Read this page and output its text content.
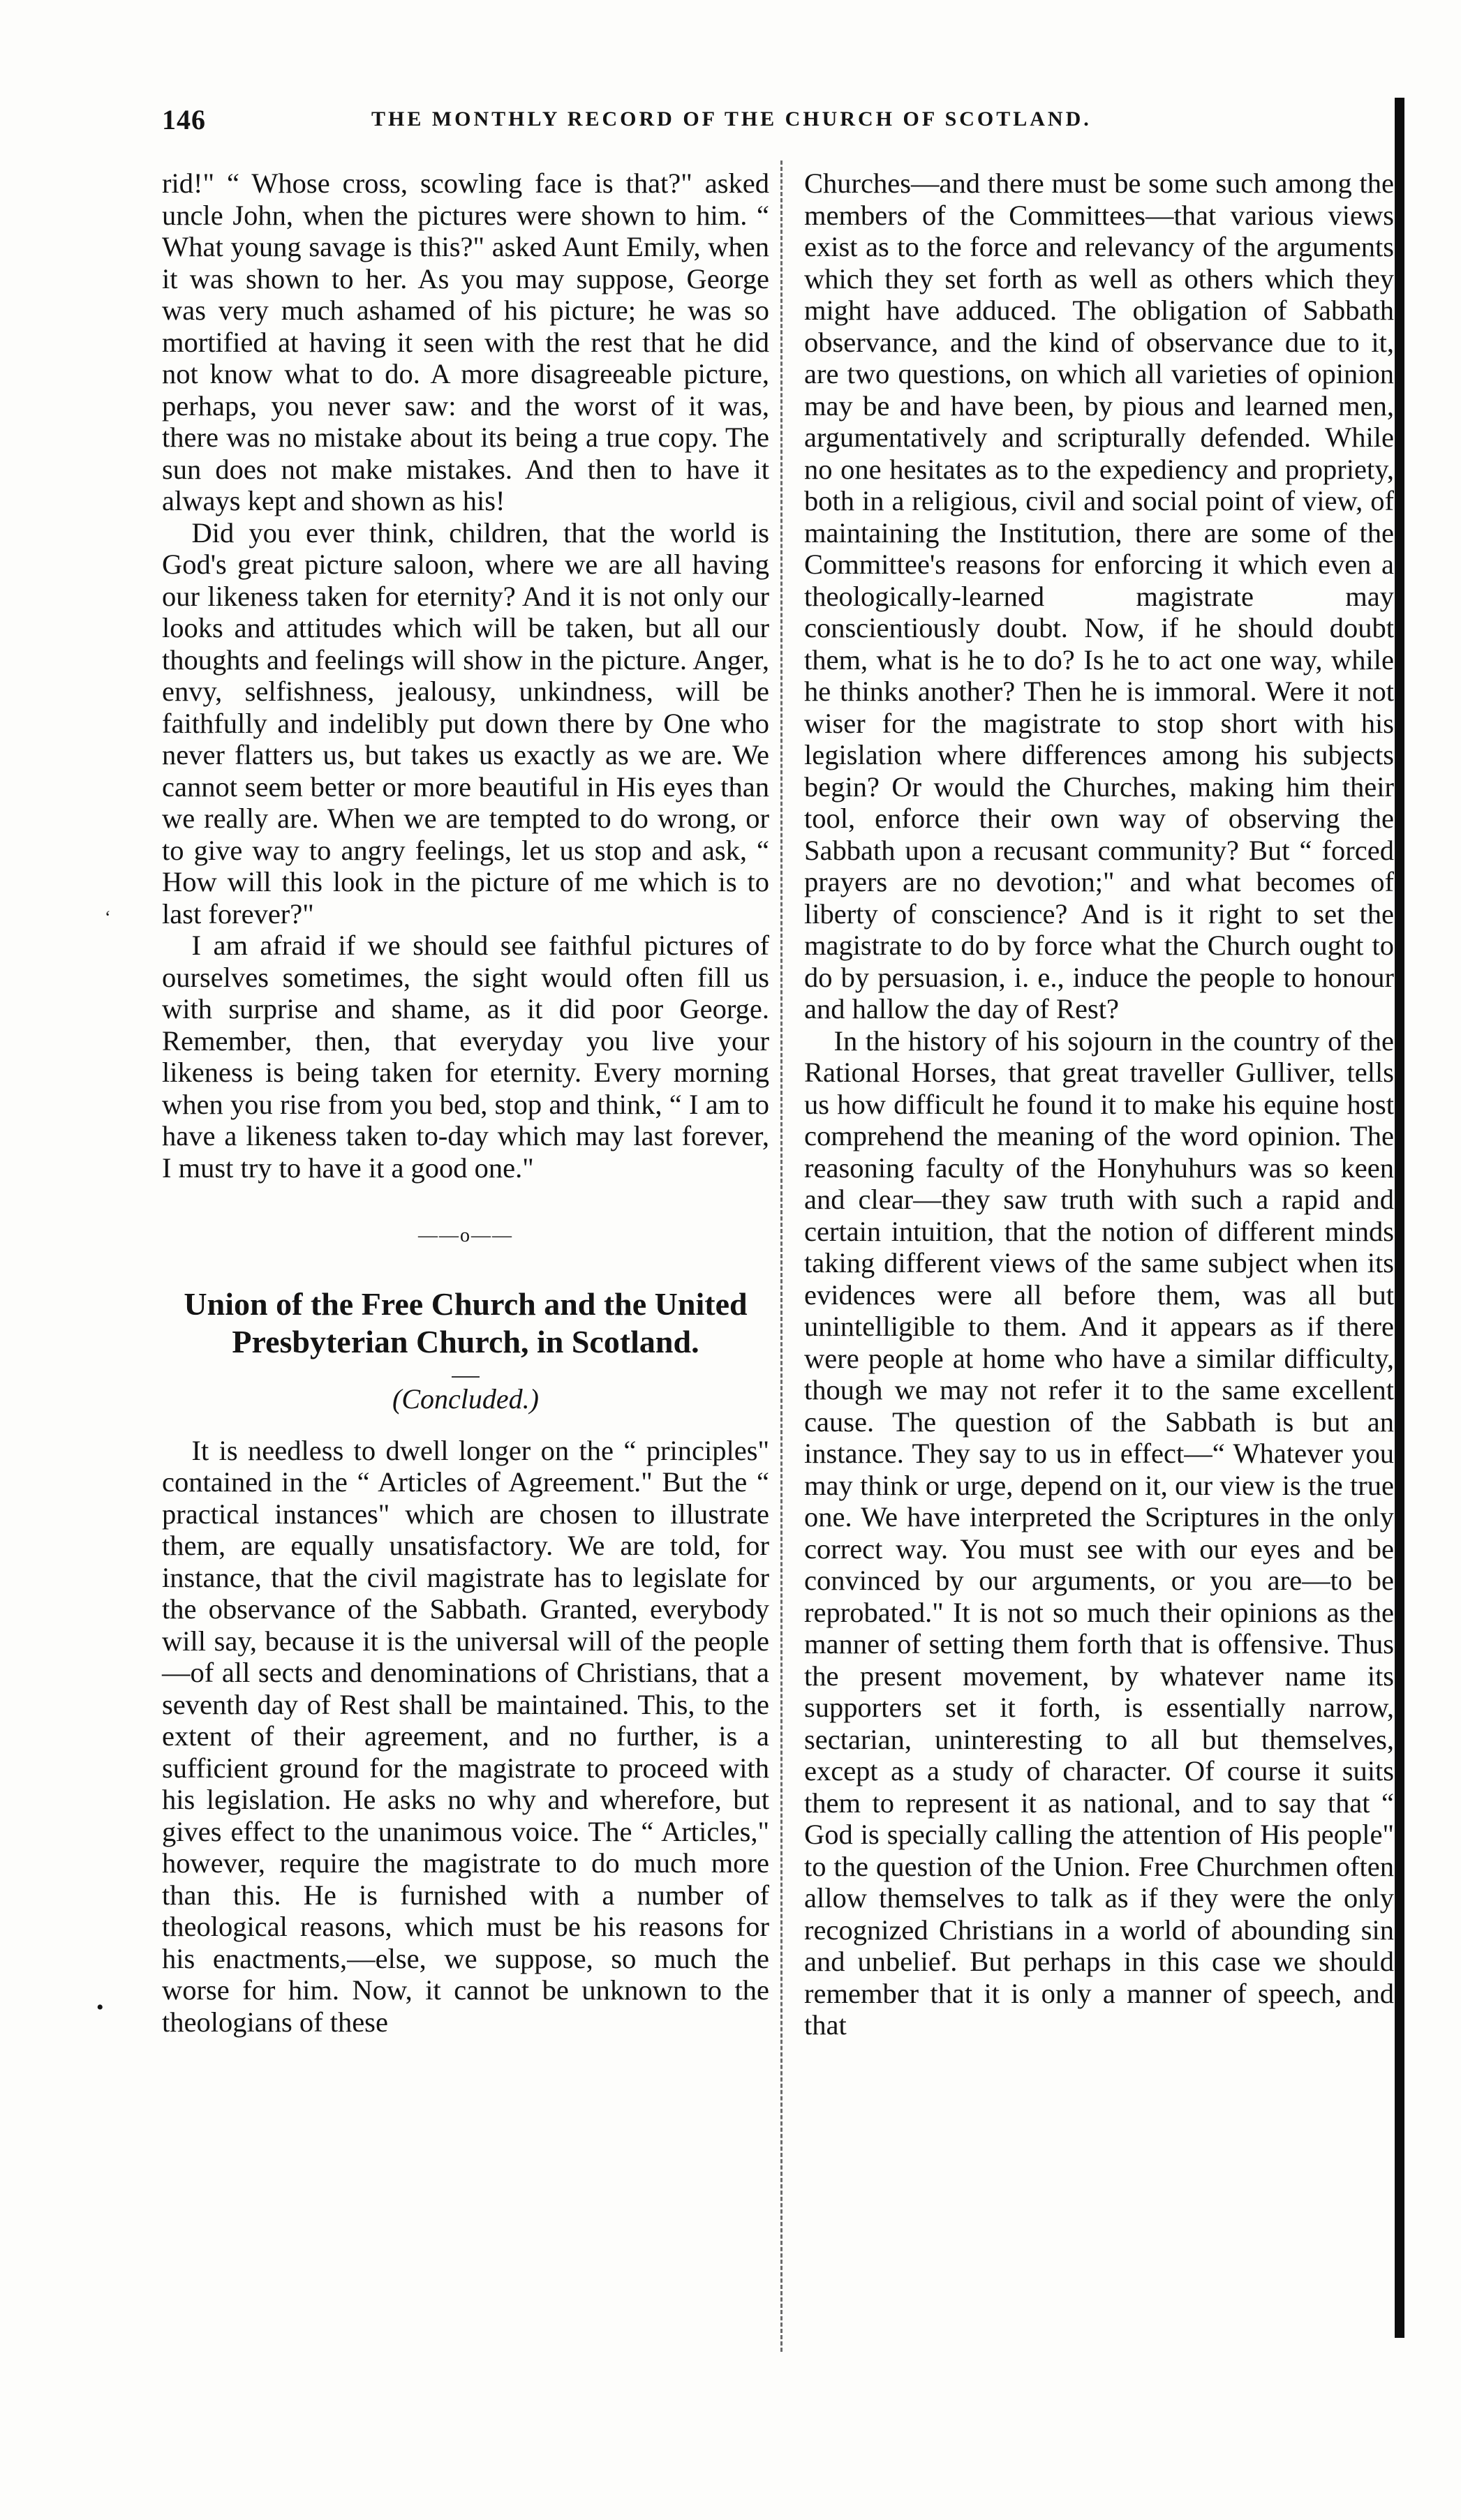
146	THE MONTHLY RECORD OF THE CHURCH OF SCOTLAND.

rid!" “ Whose cross, scowling face is that?" asked uncle John, when the pictures were shown to him. “ What young savage is this?" asked Aunt Emily, when it was shown to her. As you may suppose, George was very much ashamed of his picture; he was so mortified at having it seen with the rest that he did not know what to do. A more disagreeable picture, perhaps, you never saw: and the worst of it was, there was no mistake about its being a true copy. The sun does not make mistakes. And then to have it always kept and shown as his!

Did you ever think, children, that the world is God's great picture saloon, where we are all having our likeness taken for eternity? And it is not only our looks and attitudes which will be taken, but all our thoughts and feelings will show in the picture. Anger, envy, selfishness, jealousy, unkindness, will be faithfully and indelibly put down there by One who never flatters us, but takes us exactly as we are. We cannot seem better or more beautiful in His eyes than we really are. When we are tempted to do wrong, or to give way to angry feelings, let us stop and ask, “ How will this look in the picture of me which is to last forever?"

I am afraid if we should see faithful pictures of ourselves sometimes, the sight would often fill us with surprise and shame, as it did poor George. Remember, then, that everyday you live your likeness is being taken for eternity. Every morning when you rise from you bed, stop and think, “ I am to have a likeness taken to-day which may last forever, I must try to have it a good one."

——o——
Union of the Free Church and the United Presbyterian Church, in Scotland.
(Concluded.)

It is needless to dwell longer on the “ principles" contained in the “ Articles of Agreement." But the “ practical instances" which are chosen to illustrate them, are equally unsatisfactory. We are told, for instance, that the civil magistrate has to legislate for the observance of the Sabbath. Granted, everybody will say, because it is the universal will of the people—of all sects and denominations of Christians, that a seventh day of Rest shall be maintained. This, to the extent of their agreement, and no further, is a sufficient ground for the magistrate to proceed with his legislation. He asks no why and wherefore, but gives effect to the unanimous voice. The “ Articles," however, require the magistrate to do much more than this. He is furnished with a number of theological reasons, which must be his reasons for his enactments,—else, we suppose, so much the worse for him. Now, it cannot be unknown to the theologians of these

Churches—and there must be some such among the members of the Committees—that various views exist as to the force and relevancy of the arguments which they set forth as well as others which they might have adduced. The obligation of Sabbath observance, and the kind of observance due to it, are two questions, on which all varieties of opinion may be and have been, by pious and learned men, argumentatively and scripturally defended. While no one hesitates as to the expediency and propriety, both in a religious, civil and social point of view, of maintaining the Institution, there are some of the Committee's reasons for enforcing it which even a theologically-learned magistrate may conscientiously doubt. Now, if he should doubt them, what is he to do? Is he to act one way, while he thinks another? Then he is immoral. Were it not wiser for the magistrate to stop short with his legislation where differences among his subjects begin? Or would the Churches, making him their tool, enforce their own way of observing the Sabbath upon a recusant community? But “ forced prayers are no devotion;" and what becomes of liberty of conscience? And is it right to set the magistrate to do by force what the Church ought to do by persuasion, i. e., induce the people to honour and hallow the day of Rest?

In the history of his sojourn in the country of the Rational Horses, that great traveller Gulliver, tells us how difficult he found it to make his equine host comprehend the meaning of the word opinion. The reasoning faculty of the Honyhuhurs was so keen and clear—they saw truth with such a rapid and certain intuition, that the notion of different minds taking different views of the same subject when its evidences were all before them, was all but unintelligible to them. And it appears as if there were people at home who have a similar difficulty, though we may not refer it to the same excellent cause. The question of the Sabbath is but an instance. They say to us in effect—“ Whatever you may think or urge, depend on it, our view is the true one. We have interpreted the Scriptures in the only correct way. You must see with our eyes and be convinced by our arguments, or you are—to be reprobated." It is not so much their opinions as the manner of setting them forth that is offensive. Thus the present movement, by whatever name its supporters set it forth, is essentially narrow, sectarian, uninteresting to all but themselves, except as a study of character. Of course it suits them to represent it as national, and to say that “ God is specially calling the attention of His people" to the question of the Union. Free Churchmen often allow themselves to talk as if they were the only recognized Christians in a world of abounding sin and unbelief. But perhaps in this case we should remember that it is only a manner of speech, and that

•
‘
